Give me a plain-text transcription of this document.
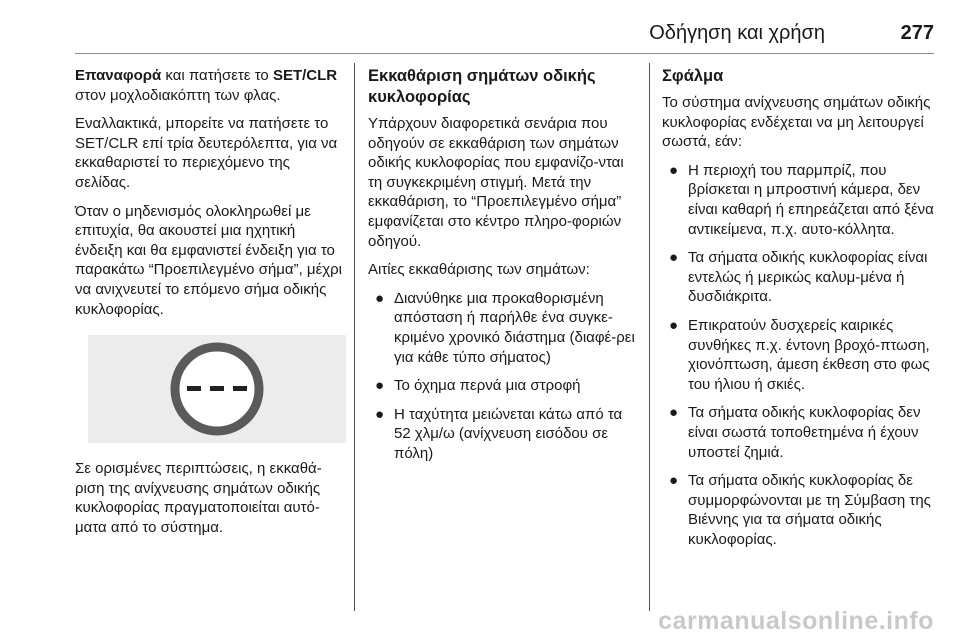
Οδήγηση και χρήση	277

Επαναφορά και πατήσετε το SET/CLR στον μοχλοδιακόπτη των φλας.

Εναλλακτικά, μπορείτε να πατήσετε το SET/CLR επί τρία δευτερόλεπτα, για να εκκαθαριστεί το περιεχόμενο της σελίδας.

Όταν ο μηδενισμός ολοκληρωθεί με επιτυχία, θα ακουστεί μια ηχητική ένδειξη και θα εμφανιστεί ένδειξη για το παρακάτω “Προεπιλεγμένο σήμα”, μέχρι να ανιχνευτεί το επόμενο σήμα οδικής κυκλοφορίας.

Σε ορισμένες περιπτώσεις, η εκκαθά‐ριση της ανίχνευσης σημάτων οδικής κυκλοφορίας πραγματοποιείται αυτό‐ματα από το σύστημα.

Εκκαθάριση σημάτων οδικής κυκλοφορίας

Υπάρχουν διαφορετικά σενάρια που οδηγούν σε εκκαθάριση των σημάτων οδικής κυκλοφορίας που εμφανίζο‐νται τη συγκεκριμένη στιγμή. Μετά την εκκαθάριση, το “Προεπιλεγμένο σήμα” εμφανίζεται στο κέντρο πληρο‐φοριών οδηγού.

Αιτίες εκκαθάρισης των σημάτων:

● Διανύθηκε μια προκαθορισμένη απόσταση ή παρήλθε ένα συγκε‐κριμένο χρονικό διάστημα (διαφέ‐ρει για κάθε τύπο σήματος)
● Το όχημα περνά μια στροφή
● Η ταχύτητα μειώνεται κάτω από τα 52 χλμ/ω (ανίχνευση εισόδου σε πόλη)
Σφάλμα

Το σύστημα ανίχνευσης σημάτων οδικής κυκλοφορίας ενδέχεται να μη λειτουργεί σωστά, εάν:

● Η περιοχή του παρμπρίζ, που βρίσκεται η μπροστινή κάμερα, δεν είναι καθαρή ή επηρεάζεται από ξένα αντικείμενα, π.χ. αυτο‐κόλλητα.
● Τα σήματα οδικής κυκλοφορίας είναι εντελώς ή μερικώς καλυμ‐μένα ή δυσδιάκριτα.
● Επικρατούν δυσχερείς καιρικές συνθήκες π.χ. έντονη βροχό‐πτωση, χιονόπτωση, άμεση έκθεση στο φως του ήλιου ή σκιές.
● Τα σήματα οδικής κυκλοφορίας δεν είναι σωστά τοποθετημένα ή έχουν υποστεί ζημιά.
● Τα σήματα οδικής κυκλοφορίας δε συμμορφώνονται με τη Σύμβαση της Βιέννης για τα σήματα οδικής κυκλοφορίας.
carmanualsonline.info
